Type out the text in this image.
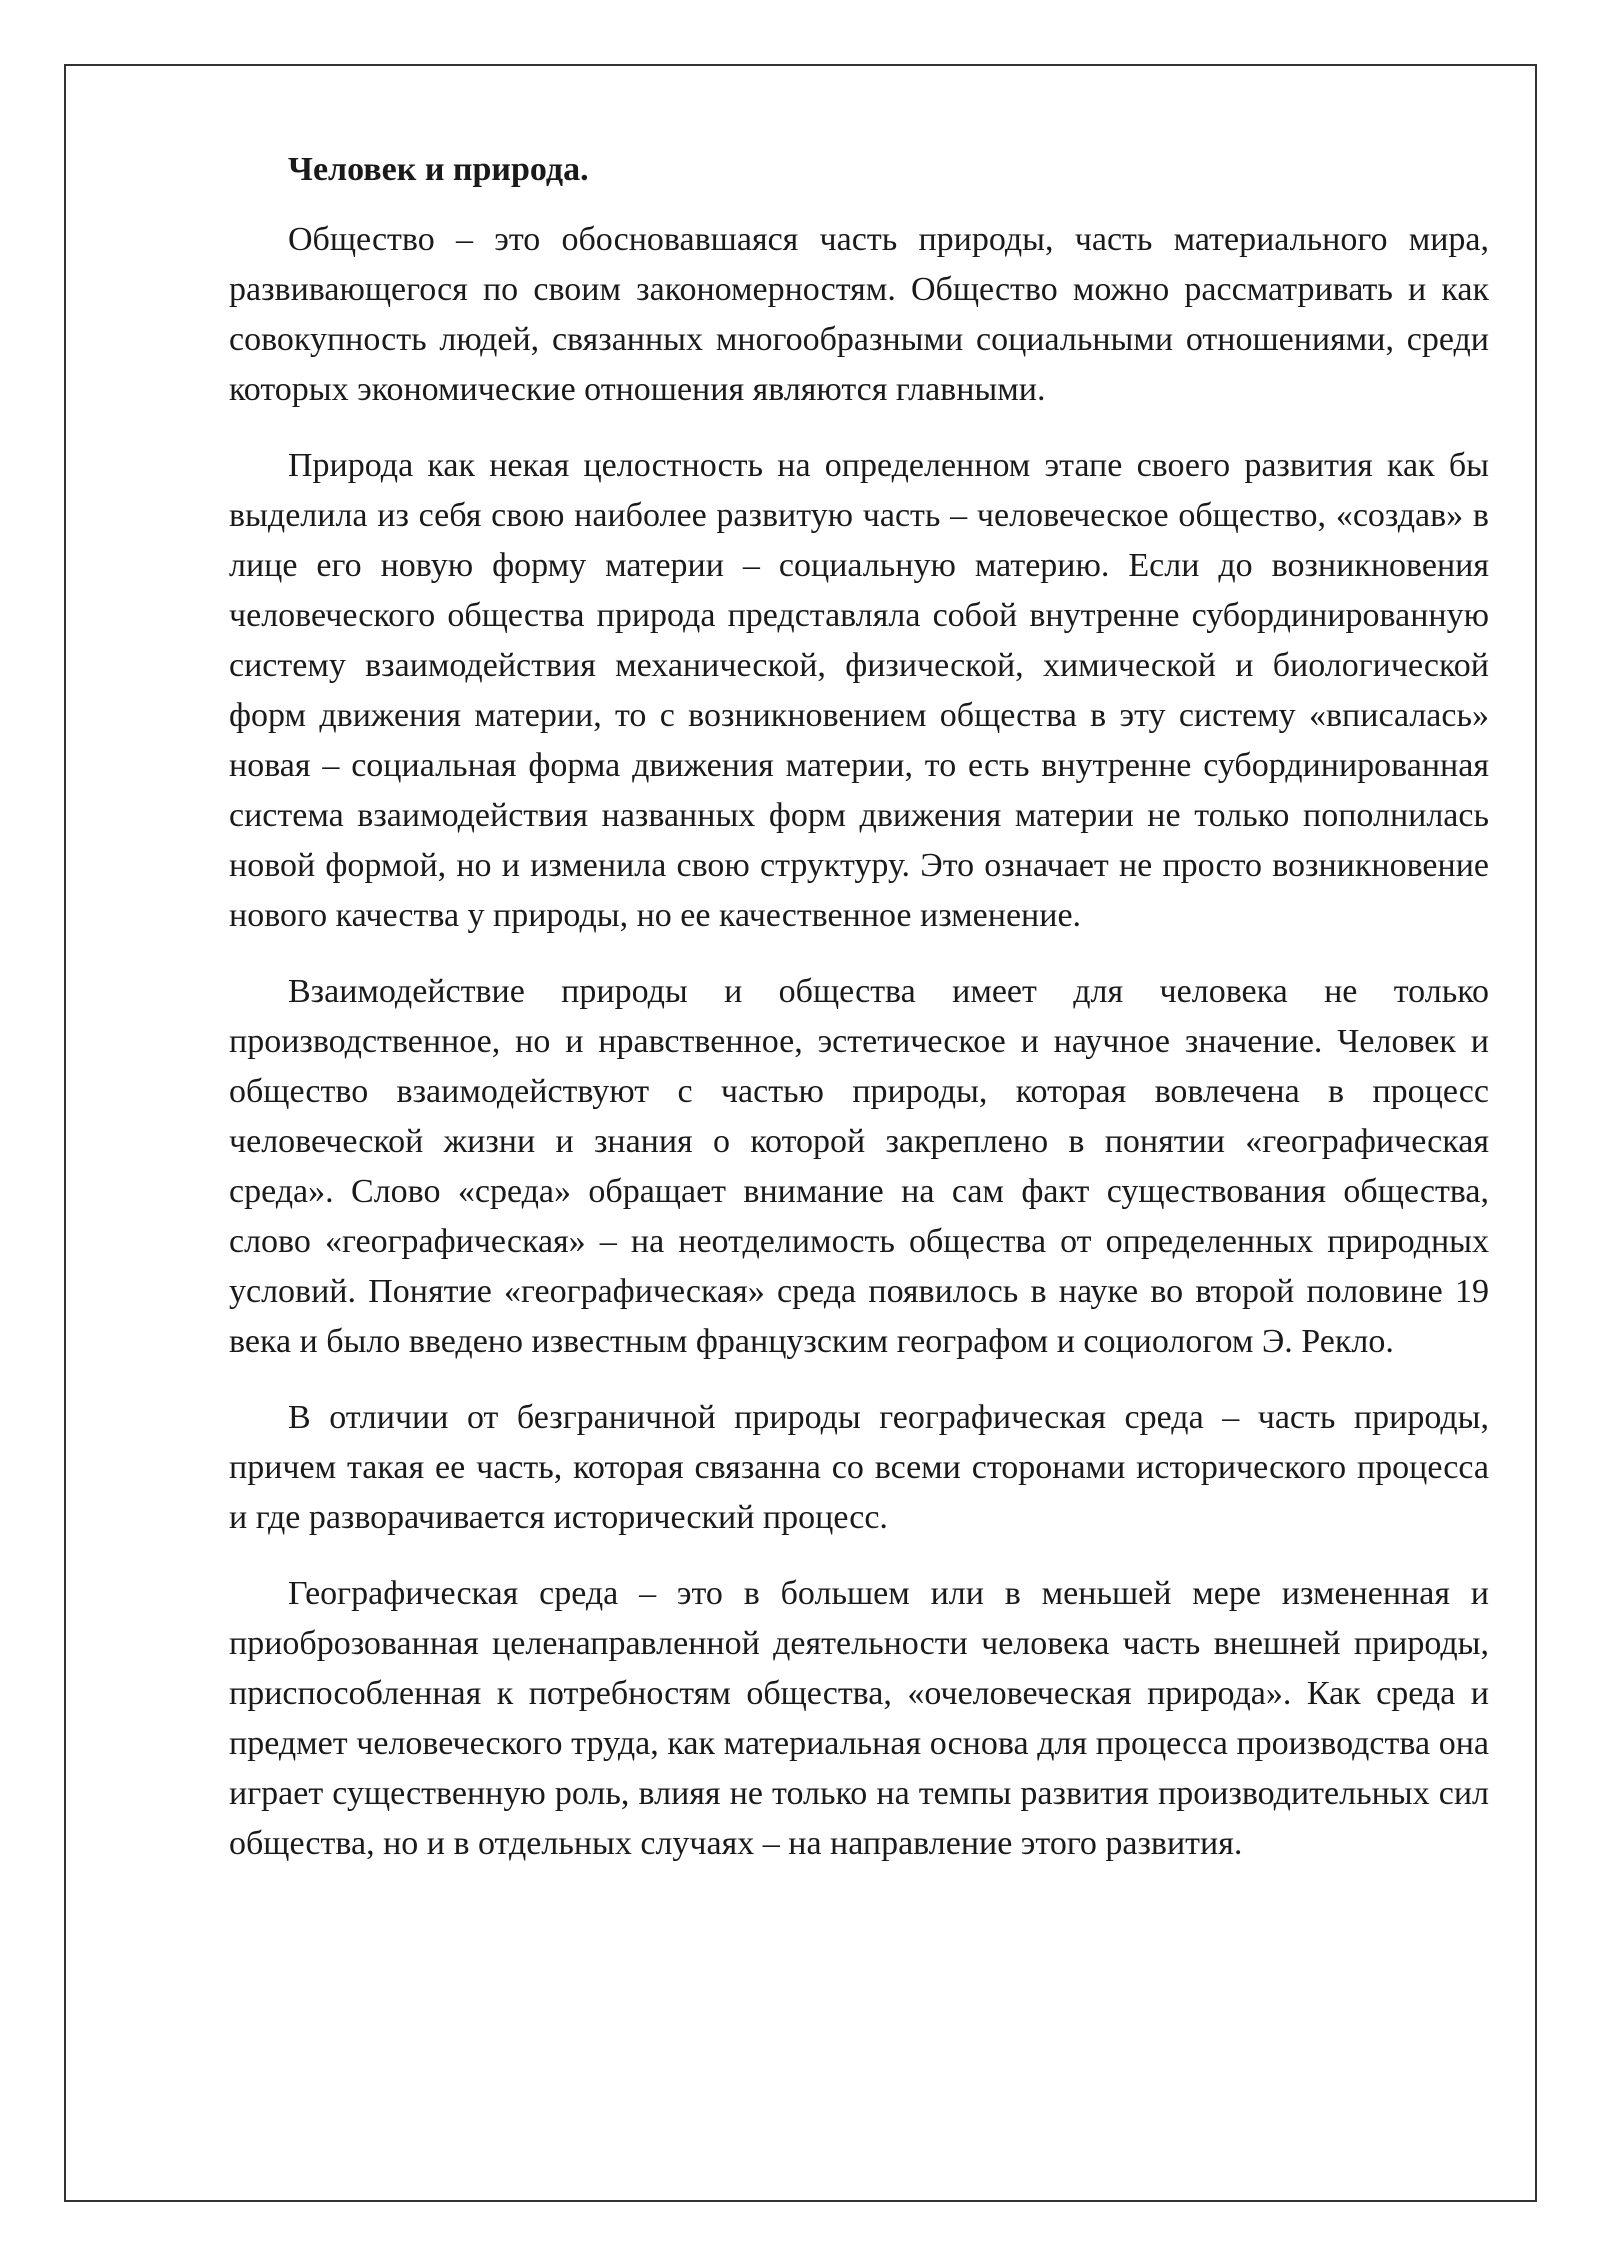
Человек и природа.

Общество – это обосновавшаяся часть природы, часть материального мира, развивающегося по своим закономерностям. Общество можно рассматривать и как совокупность людей, связанных многообразными социальными отношениями, среди которых экономические отношения являются главными.

Природа как некая целостность на определенном этапе своего развития как бы выделила из себя свою наиболее развитую часть – человеческое общество, «создав» в лице его новую форму материи – социальную материю. Если до возникновения человеческого общества природа представляла собой внутренне субординированную систему взаимодействия механической, физической, химической и биологической форм движения материи, то с возникновением общества в эту систему «вписалась» новая – социальная форма движения материи, то есть внутренне субординированная система взаимодействия названных форм движения материи не только пополнилась новой формой, но и изменила свою структуру. Это означает не просто возникновение нового качества у природы, но ее качественное изменение.

Взаимодействие природы и общества имеет для человека не только производственное, но и нравственное, эстетическое и научное значение. Человек и общество взаимодействуют с частью природы, которая вовлечена в процесс человеческой жизни и знания о которой закреплено в понятии «географическая среда». Слово «среда» обращает внимание на сам факт существования общества, слово «географическая» – на неотделимость общества от определенных природных условий. Понятие «географическая» среда появилось в науке во второй половине 19 века и было введено известным французским географом и социологом Э. Рекло.

В отличии от безграничной природы географическая среда – часть природы, причем такая ее часть, которая связанна со всеми сторонами исторического процесса и где разворачивается исторический процесс.

Географическая среда – это в большем или в меньшей мере измененная и приоброзованная целенаправленной деятельности человека часть внешней природы, приспособленная к потребностям общества, «очеловеческая природа». Как среда и предмет человеческого труда, как материальная основа для процесса производства она играет существенную роль, влияя не только на темпы развития производительных сил общества, но и в отдельных случаях – на направление этого развития.
